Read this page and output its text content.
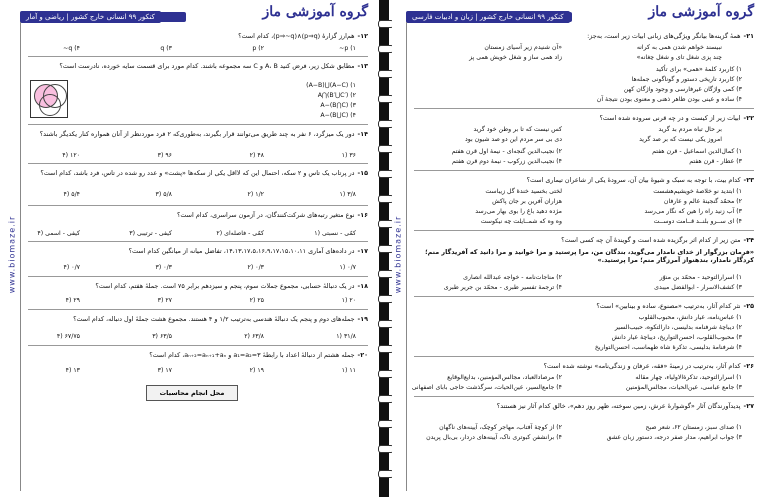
گروه آموزشی ماز
کنکور ۹۹ انسانی خارج کشور | ریاضی و آمار
www.biomaze.ir
۱۲-هم‌ارز گزارهٔ (p⇒q)∧(p⇒~q)، کدام است؟
~p (۱
p (۲
q (۳
~q (۴
۱۳-مطابق شکل زیر، فرض کنید A، B و C سه مجموعه باشند. کدام مورد برای قسمت سایه خورده، نادرست است؟
(A−B)⋃(A−C) (۱
A⋂(B′⋃C′) (۲
A−(B⋂C) (۳
A−(B⋃C) (۴
۱۴-دور یک میزگرد، ۶ نفر به چند طریق می‌توانند قرار بگیرند، به‌طوری‌که ۲ فرد موردنظر از آنان همواره کنار یکدیگر باشند؟
۳۶ (۱
۴۸ (۲
۹۶ (۳
۱۲۰ (۴
۱۵-در پرتاب یک تاس و ۲ سکه، احتمال این که لااقل یکی از سکه‌ها «پشت» و عدد رو شده در تاس، فرد باشد، کدام است؟
۳/۸ (۱
۱/۲ (۲
۵/۸ (۳
۵/۴ (۴
۱۶-نوع متغیر رتبه‌های شرکت‌کنندگان، در آزمون سراسری، کدام است؟
کمّی - نسبتی (۱
کمّی - فاصله‌ای (۲
کیفی - ترتیبی (۳
کیفی - اسمی (۴
۱۷-در داده‌های آماری ۱۴،۱۳،۱۷،۵،۱۶،۹،۱۷،۱۵،۱۰،۱۱، تفاضل میانه از میانگین کدام است؟
۰/۷ (۱
۰/۳ (۲
۰/۳ (۳
۰/۷ (۴
۱۸-در یک دنبالهٔ حسابی، مجموع جملات سوم، پنجم و سیزدهم برابر ۷۵ است. جملهٔ هفتم، کدام است؟
۲۰ (۱
۲۵ (۲
۲۷ (۳
۲۹ (۴
۱۹-جمله‌های دوم و پنجم یک دنبالهٔ هندسی به‌ترتیب ۱/۲ و ۴ هستند. مجموع هشت جملهٔ اول دنباله، کدام است؟
۳۱/۸ (۱
۶۳/۸ (۲
۶۳/۵ (۳
۶۷/۷۵ (۴
۲۰-جمله هشتم از دنبالهٔ اعداد با رابطهٔ a₁=a₂=۳ و aₙ₊₂=aₙ₊₁+aₙ، کدام است؟
۱۱ (۱
۱۹ (۲
۱۷ (۳
۱۳ (۴
محل انجام محاسبات
گروه آموزشی ماز
کنکور ۹۹ انسانی خارج کشور | زبان و ادبیات فارسی
www.biomaze.ir
۲۱-همهٔ گزینه‌ها بیانگر ویژگی‌های زبانی ابیات زیر است، به‌جز:
«آن شنیدم زیر آسیای زمستان	نبیسند خواهم شدن همی به کرانه
زاد همی ساز و شغل خویش همی پز	چند پزی شغل تای و شغل چغانه»
۱) کاربرد کلمهٔ «همی» برای تأکید
۲) کاربرد تاریخی دستور و گوناگونی جمله‌ها
۳) کمی واژگان غیرفارسی و وجود واژگان کهن
۴) ساده و عینی بودن ظاهر ذهنی و معنوی بودن نتیجهٔ آن
۲۲-ابیات زیر از کیست و در چه قرنی سروده شده است؟
کس نیست که تا بر وطن خود گرید	بر حال تباه مردم بد گرید
دی بی سر مردم این دو صد شیون بود	امروز یکی نیست که بر صد گرید
۱) کمال‌الدین اسماعیل - قرن هفتم
۲) نجیب‌الدین گنجه‌ای - نیمهٔ اول قرن هفتم
۳) عطار - قرن هفتم
۴) نجیب‌الدین زرکوب - نیمهٔ دوم قرن هفتم
۲۳-کدام بیت، با توجه به سبک و شیوهٔ بیان آن، سرودهٔ یکی از شاعران تیماری است؟
۱) ابتدید نو خلاصهٔ خویشیم‌هشست
لختی بخسید خندهٔ گل زیباست
۲) محمّد گنجینهٔ عالم و عارفان
هزاران آفرین بر جان پاکش
۳) آب زنید راه را هین که نگار می‌رسد
مژده دهید باغ را بوی بهار می‌رسد
۴) ای ســرو بلنــد قــامت دوســت
وه وه که شمــایلت چه نیکوست
۲۴-متن زیر از کدام اثر برگزیده شده است و گویندهٔ آن چه کسی است؟
«فرمان بزرگوار از خدای نامدار می‌گوید، بندگان من، مرا پرستید و مرا خوانید و مرا دانید که آفریدگار منم؛ کردگار نامدار، بندهنواز آمرزگار منم؛ مرا پرستید.»
۱) اسرارالتوحید - محمّد بن منوّر
۲) مناجات‌نامه - خواجه عبدالله انصاری
۳) کشف‌الاسرار - ابوالفضل میبدی
۴) ترجمهٔ تفسیر طبری - محمّد بن جریر طبری
۲۵-نثر کدام آثار، به‌ترتیب «مصنوع، ساده و بینابین» است؟
۱) عباس‌نامه، عیار دانش، محبوب‌القلوب
۲) دیباچهٔ شرفنامه بدلیسی، دارالتکوه، حبیب‌السیر
۳) محبوب‌القلوب، احسن‌التواریخ، دیباچهٔ عیار دانش
۴) شرفنامهٔ بدلیسی، تذکرهٔ شاه طهماسب، احسن‌التواریخ
۲۶-کدام آثار، به‌ترتیب در زمینهٔ «فقه، عرفان و زندگی‌نامه» نوشته شده است؟
۱) اسرارالتوحید، تذکرةالاولیاء، چهار مقاله
۲) مرصادالعباد، مجالس‌المؤمنین، بدایع‌الوقایع
۳) جامع عباسی، عین‌الحیات، مجالس‌المؤمنین
۴) جامع‌السیر، عین‌الحیات، سرگذشت حاجی بابای اصفهانی
۲۷-پدیدآورندگان آثار «گوشوارهٔ عرش، زمین سوخته، ظهر روز دهم»، خالق کدام آثار نیز هستند؟
۱) صدای سبز، زمستان ۶۲، شعر صبح
۲) از کوچهٔ آفتاب، مهاجر کوچک، آیینه‌های ناگهان
۳) جواب ابراهیم، مدار صفر درجه، دستور زبان عشق
۴) برانشفن کبوتری ناک، آیینه‌های دردار، بی‌بال پریدن
